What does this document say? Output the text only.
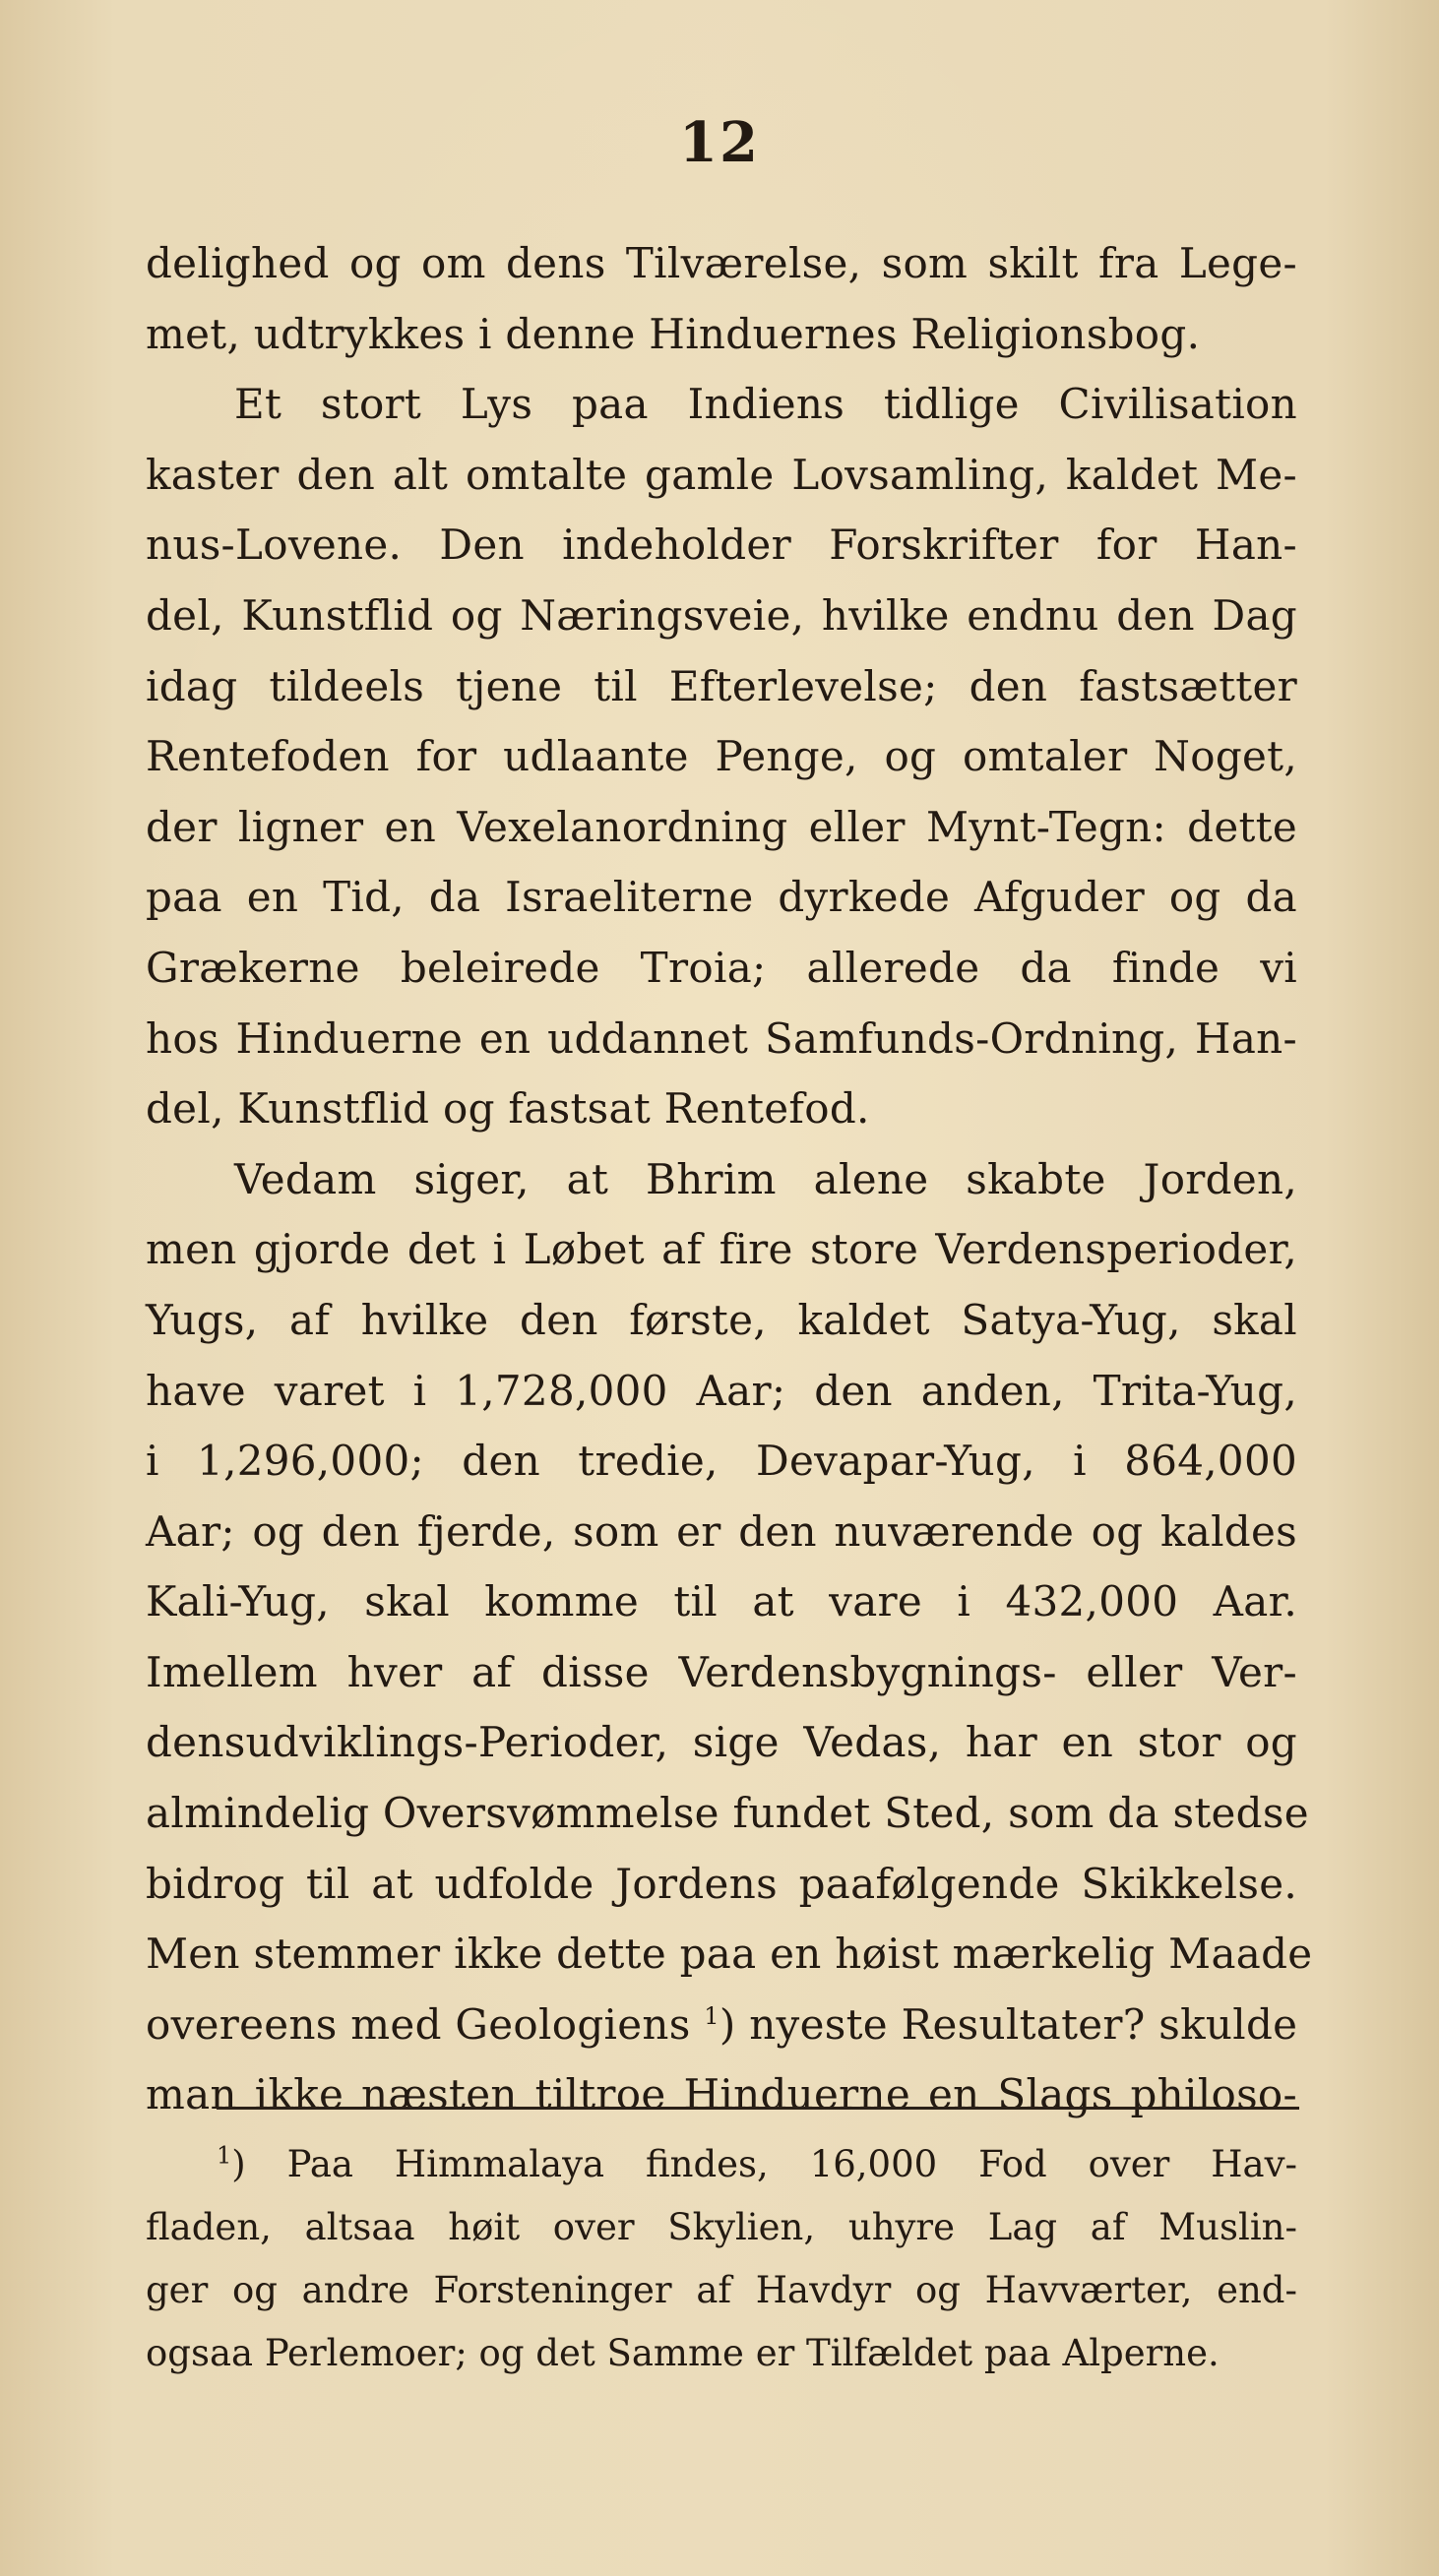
12
delighed og om dens Tilværelse, som skilt fra Lege-
met, udtrykkes i denne Hinduernes Religionsbog.
Et stort Lys paa Indiens tidlige Civilisation
kaster den alt omtalte gamle Lovsamling, kaldet Me-
nus-Lovene. Den indeholder Forskrifter for Han-
del, Kunstflid og Næringsveie, hvilke endnu den Dag
idag tildeels tjene til Efterlevelse; den fastsætter
Rentefoden for udlaante Penge, og omtaler Noget,
der ligner en Vexelanordning eller Mynt-Tegn: dette
paa en Tid, da Israeliterne dyrkede Afguder og da
Grækerne beleirede Troia; allerede da finde vi
hos Hinduerne en uddannet Samfunds-Ordning, Han-
del, Kunstflid og fastsat Rentefod.
Vedam siger, at Bhrim alene skabte Jorden,
men gjorde det i Løbet af fire store Verdensperioder,
Yugs, af hvilke den første, kaldet Satya-Yug, skal
have varet i 1,728,000 Aar; den anden, Trita-Yug,
i 1,296,000; den tredie, Devapar-Yug, i 864,000
Aar; og den fjerde, som er den nuværende og kaldes
Kali-Yug, skal komme til at vare i 432,000 Aar.
Imellem hver af disse Verdensbygnings- eller Ver-
densudviklings-Perioder, sige Vedas, har en stor og
almindelig Oversvømmelse fundet Sted, som da stedse
bidrog til at udfolde Jordens paafølgende Skikkelse.
Men stemmer ikke dette paa en høist mærkelig Maade
overeens med Geologiens $^1$) nyeste Resultater? skulde
man ikke næsten tiltroe Hinduerne en Slags philoso-
$^1$) Paa Himmalaya findes, 16,000 Fod over Hav-
fladen, altsaa høit over Skylien, uhyre Lag af Muslin-
ger og andre Forsteninger af Havdyr og Havværter, end-
ogsaa Perlemoer; og det Samme er Tilfældet paa Alperne.
